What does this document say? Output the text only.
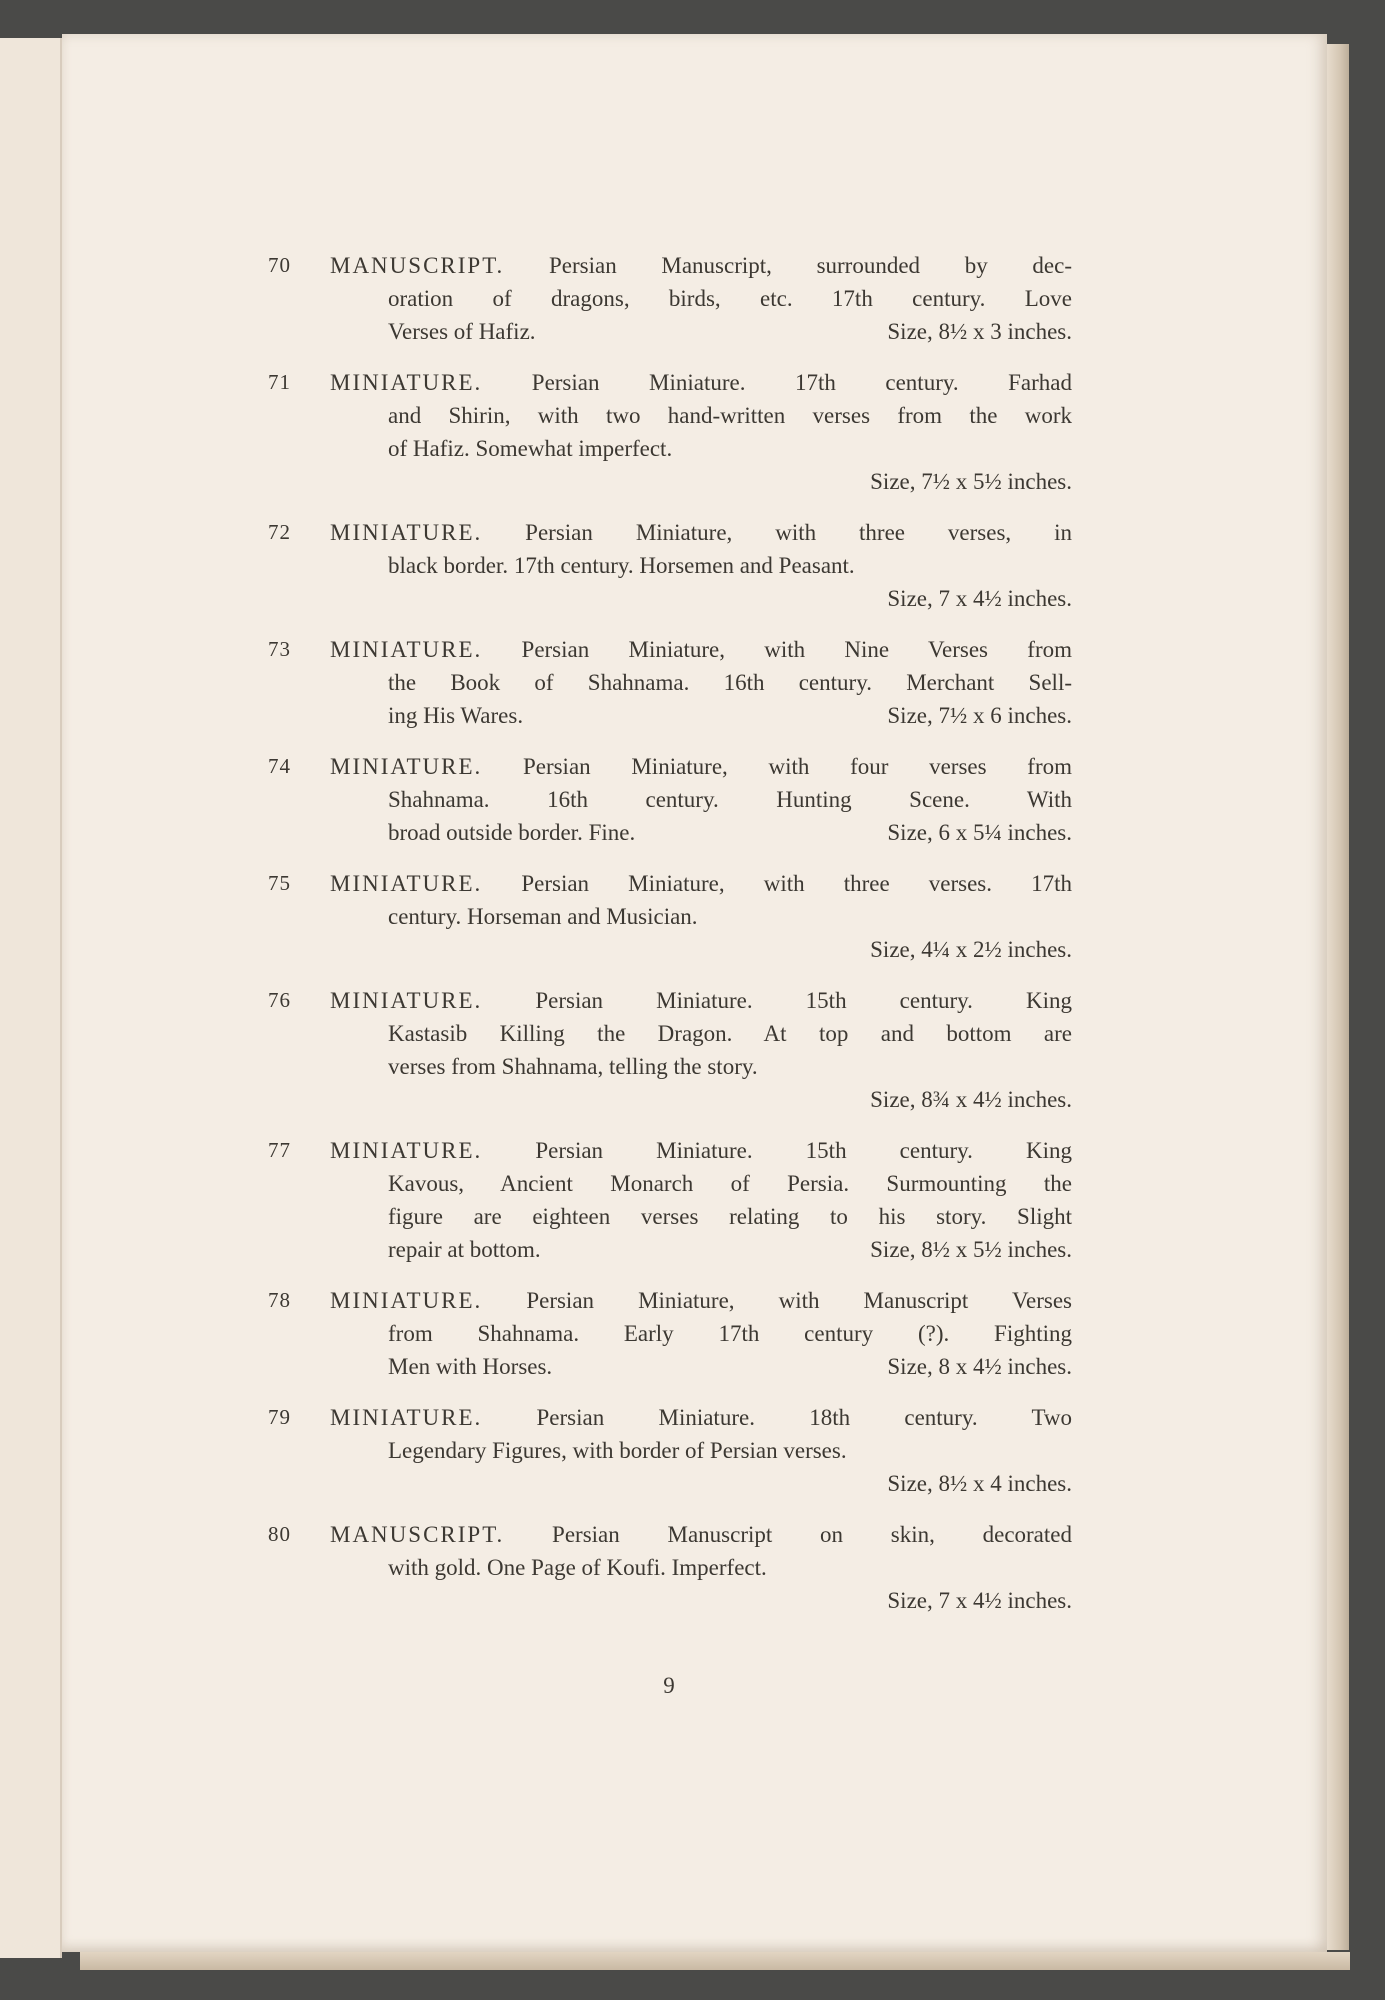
70	MANUSCRIPT. Persian Manuscript, surrounded by dec-
oration of dragons, birds, etc. 17th century. Love
Verses of Hafiz.	Size, 8½ x 3 inches.
71	MINIATURE. Persian Miniature. 17th century. Farhad
and Shirin, with two hand-written verses from the work
of Hafiz. Somewhat imperfect.
Size, 7½ x 5½ inches.
72	MINIATURE. Persian Miniature, with three verses, in
black border. 17th century. Horsemen and Peasant.
Size, 7 x 4½ inches.
73	MINIATURE. Persian Miniature, with Nine Verses from
the Book of Shahnama. 16th century. Merchant Sell-
ing His Wares.	Size, 7½ x 6 inches.
74	MINIATURE. Persian Miniature, with four verses from
Shahnama. 16th century. Hunting Scene. With
broad outside border. Fine.	Size, 6 x 5¼ inches.
75	MINIATURE. Persian Miniature, with three verses. 17th
century. Horseman and Musician.
Size, 4¼ x 2½ inches.
76	MINIATURE. Persian Miniature. 15th century. King
Kastasib Killing the Dragon. At top and bottom are
verses from Shahnama, telling the story.
Size, 8¾ x 4½ inches.
77	MINIATURE. Persian Miniature. 15th century. King
Kavous, Ancient Monarch of Persia. Surmounting the
figure are eighteen verses relating to his story. Slight
repair at bottom.	Size, 8½ x 5½ inches.
78	MINIATURE. Persian Miniature, with Manuscript Verses
from Shahnama. Early 17th century (?). Fighting
Men with Horses.	Size, 8 x 4½ inches.
79	MINIATURE. Persian Miniature. 18th century. Two
Legendary Figures, with border of Persian verses.
Size, 8½ x 4 inches.
80	MANUSCRIPT. Persian Manuscript on skin, decorated
with gold. One Page of Koufi. Imperfect.
Size, 7 x 4½ inches.
9
